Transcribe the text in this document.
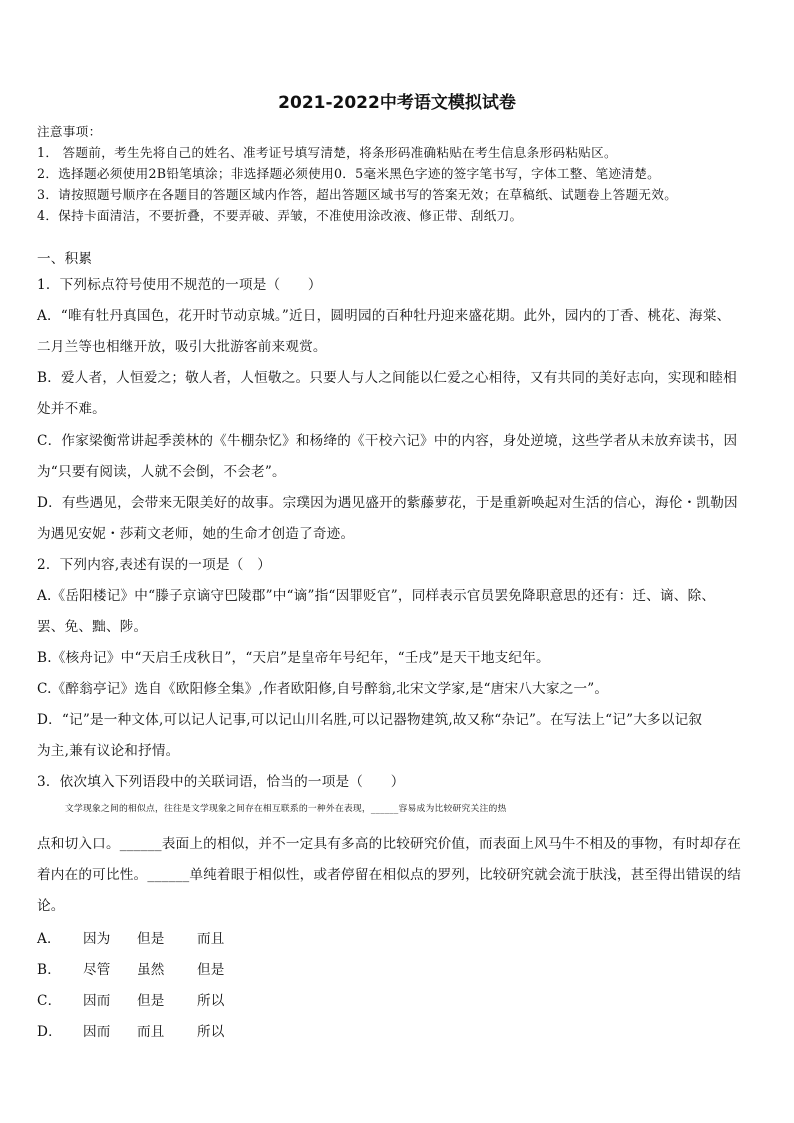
2021-2022中考语文模拟试卷
注意事项：
1． 答题前，考生先将自己的姓名、准考证号填写清楚，将条形码准确粘贴在考生信息条形码粘贴区。
2．选择题必须使用2B铅笔填涂；非选择题必须使用0．5毫米黑色字迹的签字笔书写，字体工整、笔迹清楚。
3．请按照题号顺序在各题目的答题区域内作答，超出答题区域书写的答案无效；在草稿纸、试题卷上答题无效。
4．保持卡面清洁，不要折叠，不要弄破、弄皱，不准使用涂改液、修正带、刮纸刀。
一、积累
1．下列标点符号使用不规范的一项是（　　）
A．“唯有牡丹真国色，花开时节动京城。”近日，圆明园的百种牡丹迎来盛花期。此外，园内的丁香、桃花、海棠、
二月兰等也相继开放，吸引大批游客前来观赏。
B．爱人者，人恒爱之；敬人者，人恒敬之。只要人与人之间能以仁爱之心相待，又有共同的美好志向，实现和睦相
处并不难。
C．作家梁衡常讲起季羡林的《牛棚杂忆》和杨绛的《干校六记》中的内容，身处逆境，这些学者从未放弃读书，因
为“只要有阅读，人就不会倒，不会老”。
D．有些遇见，会带来无限美好的故事。宗璞因为遇见盛开的紫藤萝花，于是重新唤起对生活的信心，海伦・凯勒因
为遇见安妮・莎莉文老师，她的生命才创造了奇迹。
2．下列内容,表述有误的一项是（　）
A.《岳阳楼记》中“滕子京谪守巴陵郡”中“谪”指“因罪贬官”，同样表示官员罢免降职意思的还有：迁、谪、除、
罢、免、黜、陟。
B.《核舟记》中“天启壬戌秋日”，“天启”是皇帝年号纪年，“壬戌”是天干地支纪年。
C.《醉翁亭记》选自《欧阳修全集》,作者欧阳修,自号醉翁,北宋文学家,是“唐宋八大家之一”。
D．“记”是一种文体,可以记人记事,可以记山川名胜,可以记器物建筑,故又称“杂记”。在写法上“记”大多以记叙
为主,兼有议论和抒情。
3．依次填入下列语段中的关联词语，恰当的一项是（　　）
文学现象之间的相似点，往往是文学现象之间存在相互联系的一种外在表现，______容易成为比较研究关注的热
点和切入口。______表面上的相似，并不一定具有多高的比较研究价值，而表面上风马牛不相及的事物，有时却存在
着内在的可比性。______单纯着眼于相似性，或者停留在相似点的罗列，比较研究就会流于肤浅，甚至得出错误的结
论。
A． 因为 但是 而且
B． 尽管 虽然 但是
C． 因而 但是 所以
D． 因而 而且 所以
